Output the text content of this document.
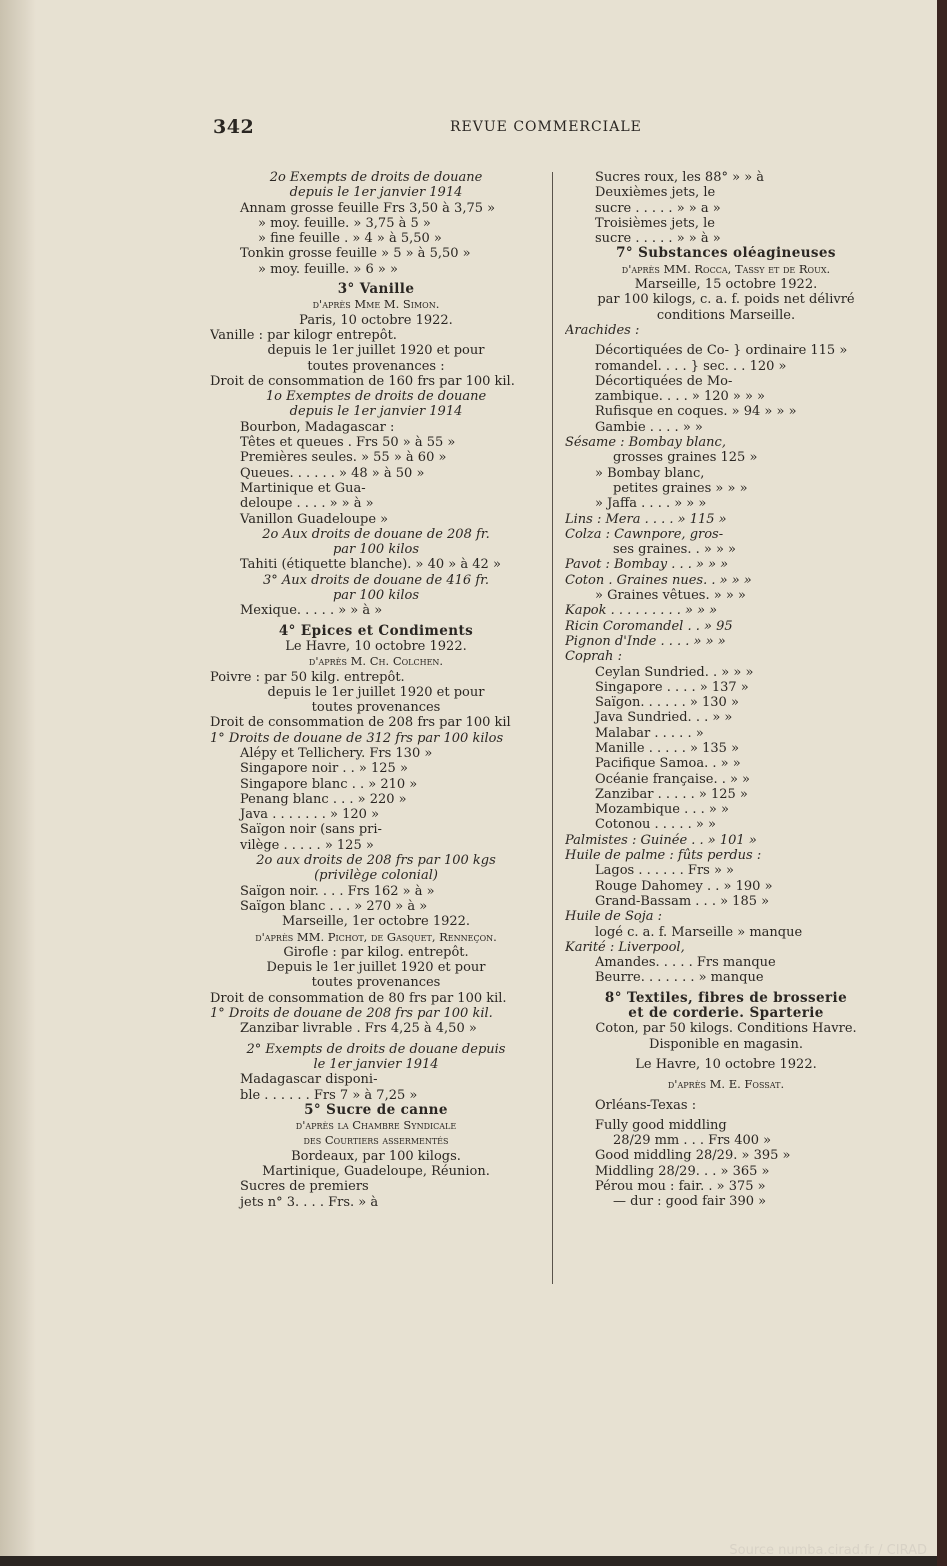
342	REVUE COMMERCIALE
2o Exempts de droits de douane
depuis le 1er janvier 1914
Annam grosse feuille Frs 3,50 à 3,75 »
» moy. feuille. » 3,75 à 5 »
» fine feuille . » 4 » à 5,50 »
Tonkin grosse feuille » 5 » à 5,50 »
» moy. feuille. » 6 » »
3° Vanille
d'après Mme M. Simon.
Paris, 10 octobre 1922.
Vanille : par kilogr entrepôt.
depuis le 1er juillet 1920 et pour
toutes provenances :
Droit de consommation de 160 frs par 100 kil.
1o Exemptes de droits de douane
depuis le 1er janvier 1914
Bourbon, Madagascar :
Têtes et queues . Frs 50 » à 55 »
Premières seules. » 55 » à 60 »
Queues. . . . . . » 48 » à 50 »
Martinique et Gua-
deloupe . . . . » » à »
Vanillon Guadeloupe »
2o Aux droits de douane de 208 fr.
par 100 kilos
Tahiti (étiquette blanche). » 40 » à 42 »
3° Aux droits de douane de 416 fr.
par 100 kilos
Mexique. . . . . » » à »
4° Epices et Condiments
Le Havre, 10 octobre 1922.
d'après M. Ch. Colchen.
Poivre : par 50 kilg. entrepôt.
depuis le 1er juillet 1920 et pour
toutes provenances
Droit de consommation de 208 frs par 100 kil
1° Droits de douane de 312 frs par 100 kilos
Alépy et Tellichery. Frs 130 »
Singapore noir . . » 125 »
Singapore blanc . . » 210 »
Penang blanc . . . » 220 »
Java . . . . . . . » 120 »
Saïgon noir (sans pri-
vilège . . . . . » 125 »
2o aux droits de 208 frs par 100 kgs
(privilège colonial)
Saïgon noir. . . . Frs 162 » à »
Saïgon blanc . . . » 270 » à »
Marseille, 1er octobre 1922.
d'après MM. Pichot, de Gasquet, Renneçon.
Girofle : par kilog. entrepôt.
Depuis le 1er juillet 1920 et pour
toutes provenances
Droit de consommation de 80 frs par 100 kil.
1° Droits de douane de 208 frs par 100 kil.
Zanzibar livrable . Frs 4,25 à 4,50 »
2° Exempts de droits de douane depuis
le 1er janvier 1914
Madagascar disponi-
ble . . . . . . Frs 7 » à 7,25 »
5° Sucre de canne
d'après la Chambre Syndicale
des Courtiers assermentés
Bordeaux, par 100 kilogs.
Martinique, Guadeloupe, Réunion.
Sucres de premiers
jets n° 3. . . . Frs. » à
Sucres roux, les 88° » » à
Deuxièmes jets, le
sucre . . . . . » » a »
Troisièmes jets, le
sucre . . . . . » » à »
7° Substances oléagineuses
d'après MM. Rocca, Tassy et de Roux.
Marseille, 15 octobre 1922.
par 100 kilogs, c. a. f. poids net délivré
conditions Marseille.
Arachides :
Décortiquées de Co- } ordinaire 115 »
romandel. . . . } sec. . . 120 »
Décortiquées de Mo-
zambique. . . . » 120 » » »
Rufisque en coques. » 94 » » »
Gambie . . . . » »
Sésame : Bombay blanc,
grosses graines 125 »
» Bombay blanc,
petites graines » » »
» Jaffa . . . . » » »
Lins : Mera . . . . » 115 »
Colza : Cawnpore, gros-
ses graines. . » » »
Pavot : Bombay . . . » » »
Coton . Graines nues. . » » »
» Graines vêtues. » » »
Kapok . . . . . . . . . » » »
Ricin Coromandel . . » 95
Pignon d'Inde . . . . » » »
Coprah :
Ceylan Sundried. . » » »
Singapore . . . . » 137 »
Saïgon. . . . . . » 130 »
Java Sundried. . . » »
Malabar . . . . . »
Manille . . . . . » 135 »
Pacifique Samoa. . » »
Océanie française. . » »
Zanzibar . . . . . » 125 »
Mozambique . . . » »
Cotonou . . . . . » »
Palmistes : Guinée . . » 101 »
Huile de palme : fûts perdus :
Lagos . . . . . . Frs » »
Rouge Dahomey . . » 190 »
Grand-Bassam . . . » 185 »
Huile de Soja :
logé c. a. f. Marseille » manque
Karité : Liverpool,
Amandes. . . . . Frs manque
Beurre. . . . . . . » manque
8° Textiles, fibres de brosserie
et de corderie. Sparterie
Coton, par 50 kilogs. Conditions Havre.
Disponible en magasin.
Le Havre, 10 octobre 1922.
d'après M. E. Fossat.
Orléans-Texas :
Fully good middling
28/29 mm . . . Frs 400 »
Good middling 28/29. » 395 »
Middling 28/29. . . » 365 »
Pérou mou : fair. . » 375 »
— dur : good fair 390 »
Source numba.cirad.fr / CIRAD
